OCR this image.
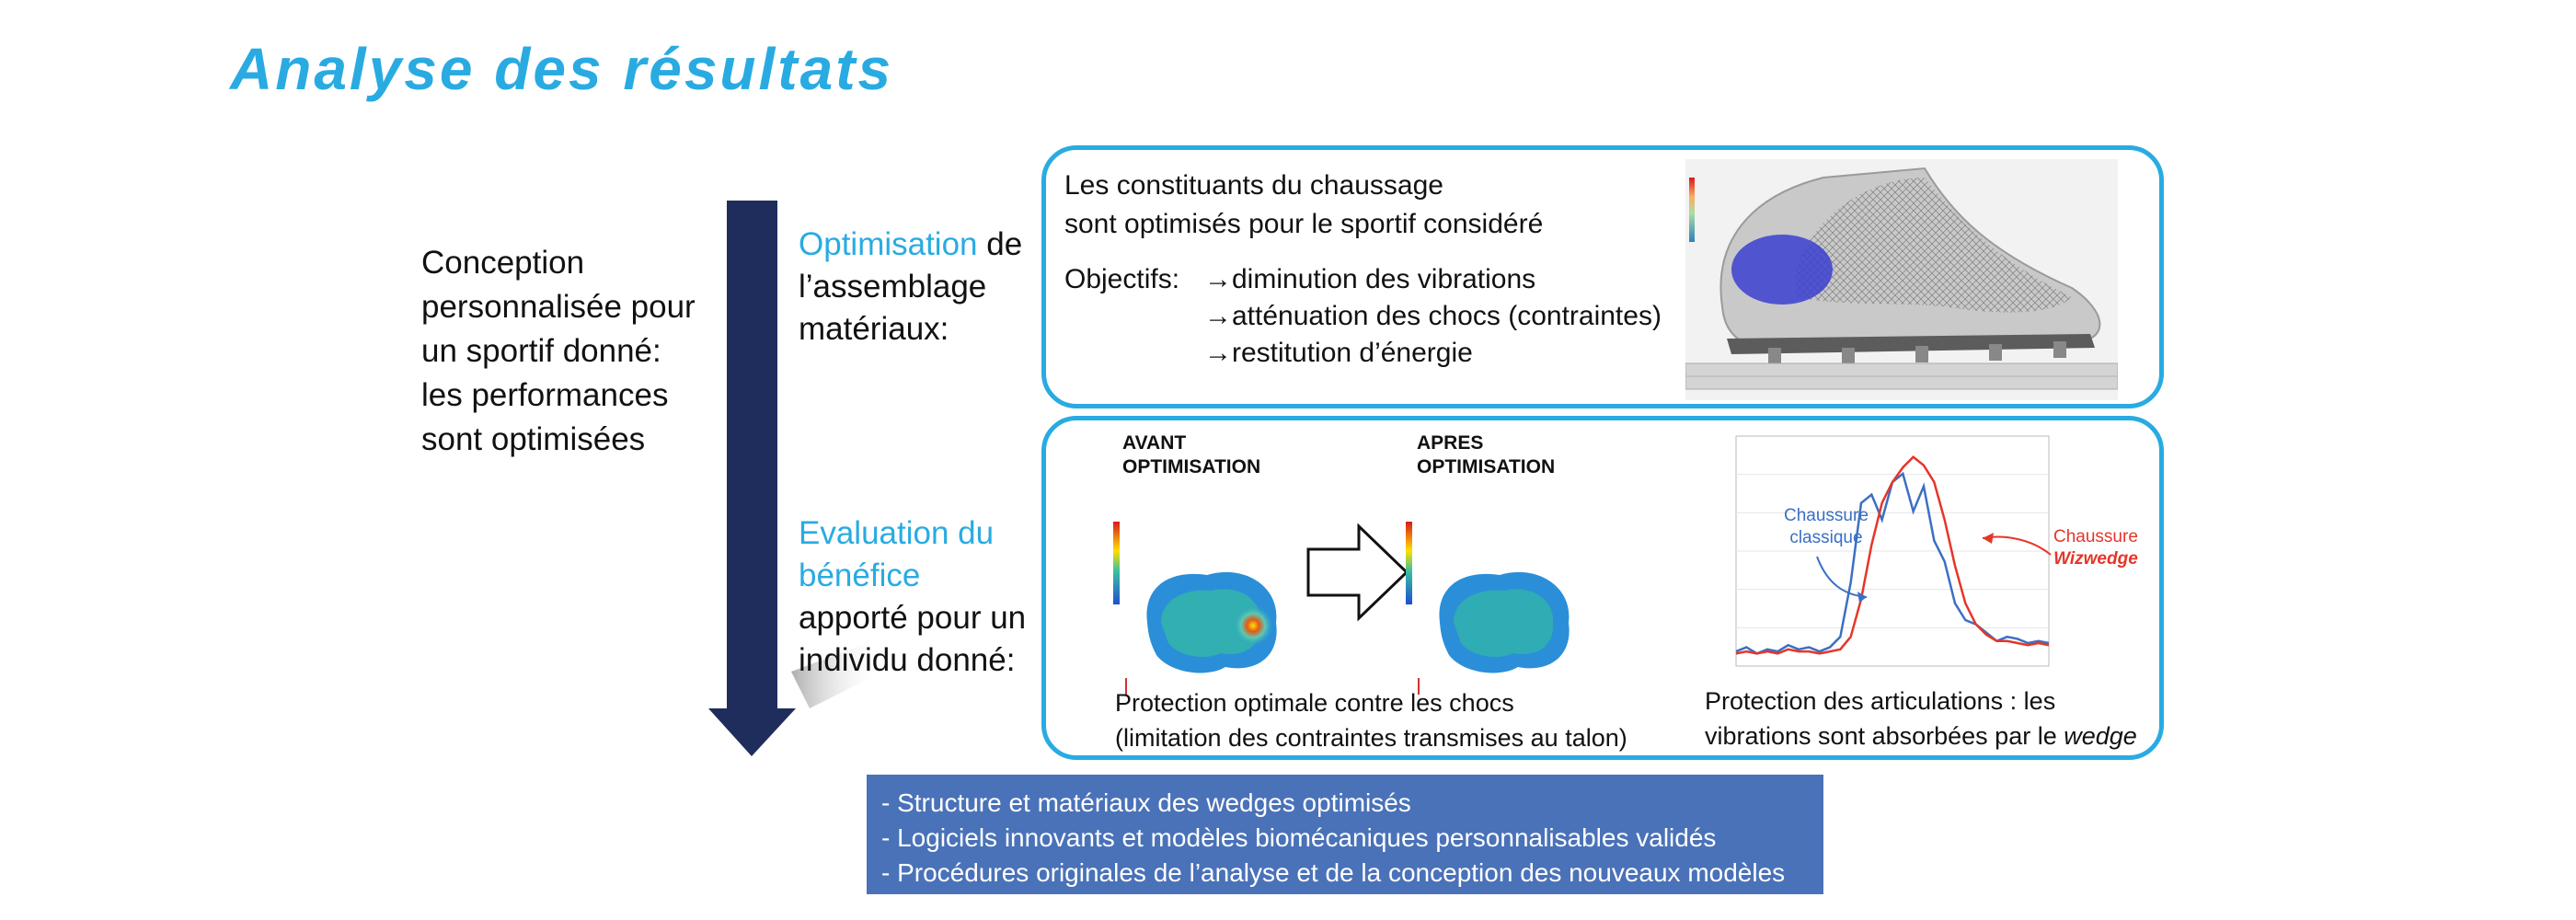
Analyse des résultats
Conception
personnalisée pour
un sportif donné:
les performances
sont optimisées
Optimisation de
l’assemblage
matériaux:
Evaluation du
bénéfice
apporté pour un
individu donné:
Les constituants du chaussage
sont optimisés pour le sportif considéré
Objectifs: →diminution des vibrations
→atténuation des chocs (contraintes)
→restitution d’énergie
AVANT
OPTIMISATION
APRES
OPTIMISATION
Protection optimale contre les chocs
(limitation des contraintes transmises au talon)
Chaussure
classique	Chaussure
Wizwedge
Protection des articulations : les
vibrations sont absorbées par le wedge
- Structure et matériaux des wedges optimisés
- Logiciels innovants et modèles biomécaniques personnalisables validés
- Procédures originales de l’analyse et de la conception des nouveaux modèles
